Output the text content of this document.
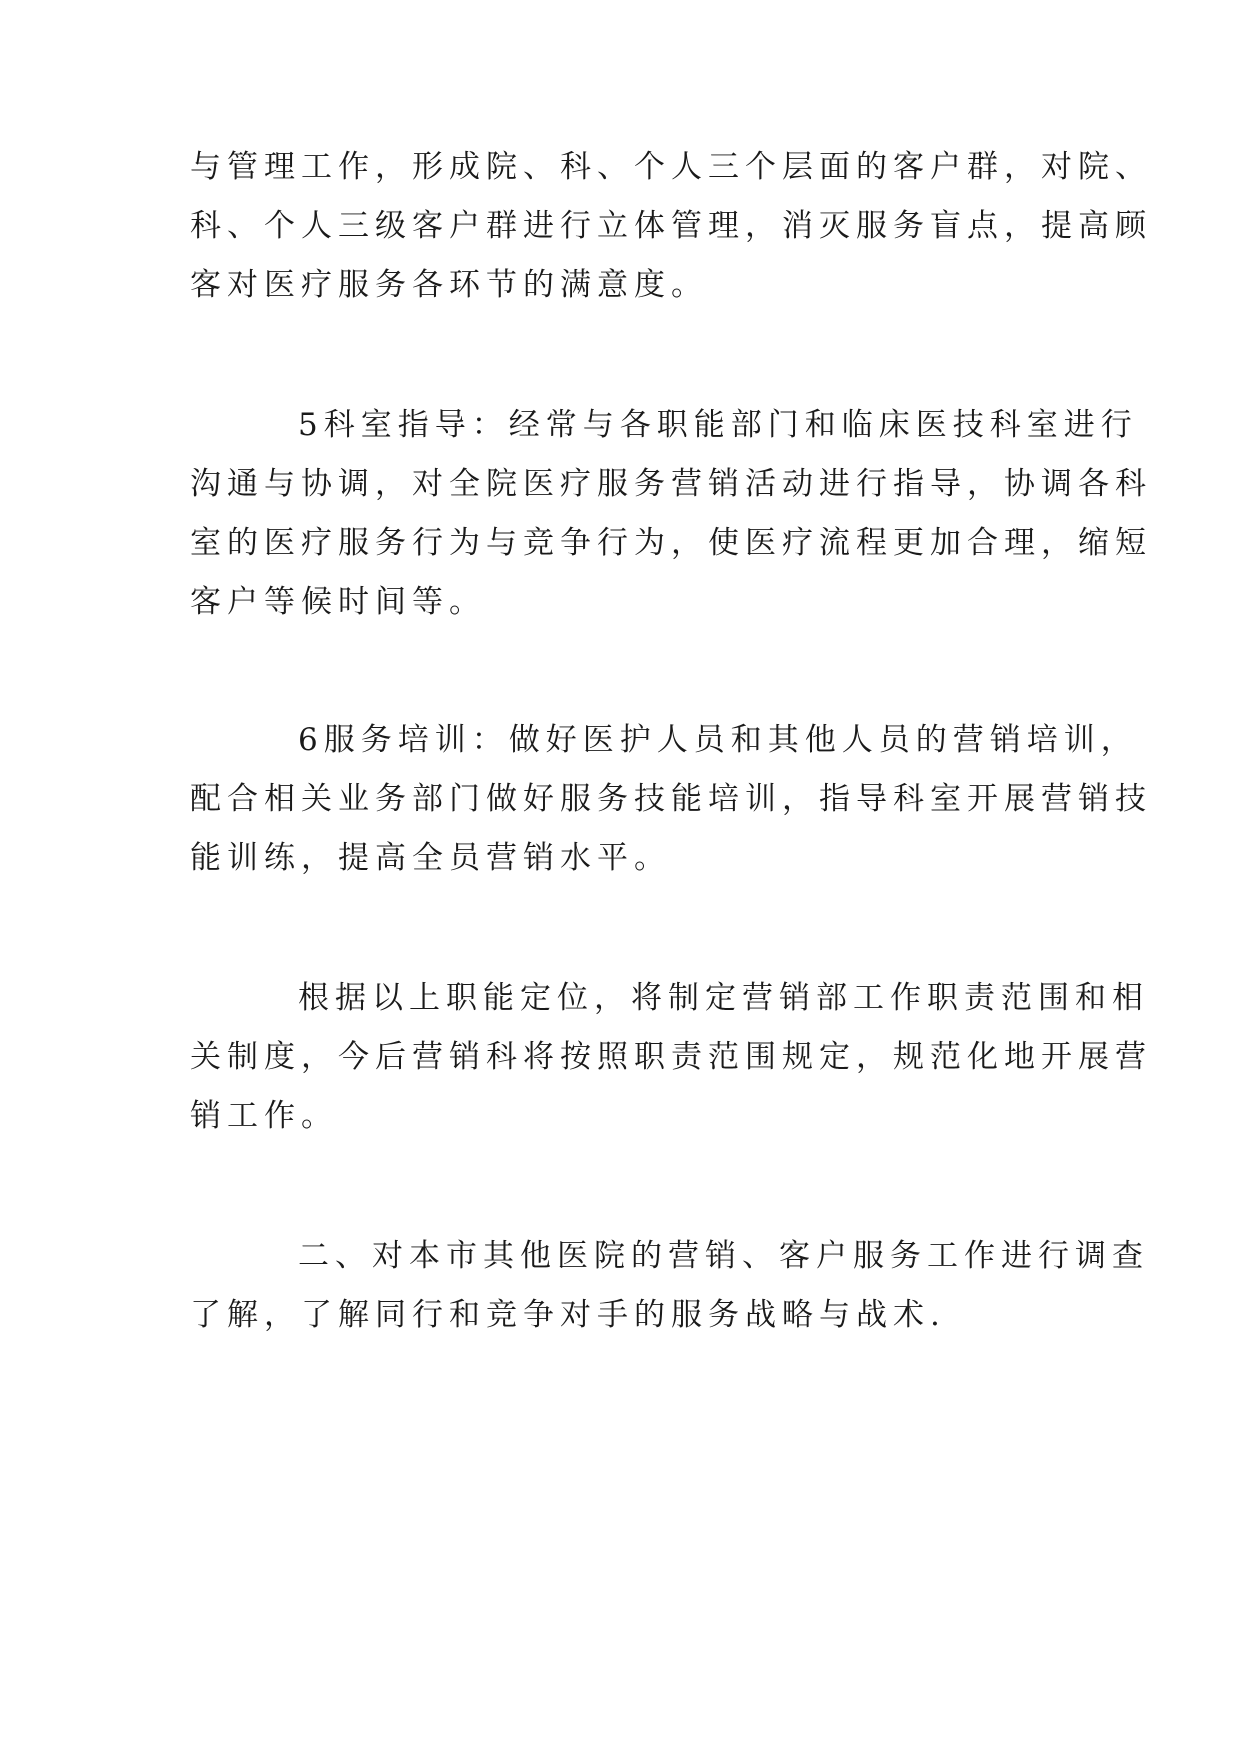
与管理工作，形成院、科、个人三个层面的客户群，对院、
科、个人三级客户群进行立体管理，消灭服务盲点，提高顾
客对医疗服务各环节的满意度。
5科室指导：经常与各职能部门和临床医技科室进行
沟通与协调，对全院医疗服务营销活动进行指导，协调各科
室的医疗服务行为与竞争行为，使医疗流程更加合理，缩短
客户等候时间等。
6服务培训：做好医护人员和其他人员的营销培训，
配合相关业务部门做好服务技能培训，指导科室开展营销技
能训练，提高全员营销水平。
根据以上职能定位，将制定营销部工作职责范围和相
关制度，今后营销科将按照职责范围规定，规范化地开展营
销工作。
二、对本市其他医院的营销、客户服务工作进行调查
了解，了解同行和竞争对手的服务战略与战术.
